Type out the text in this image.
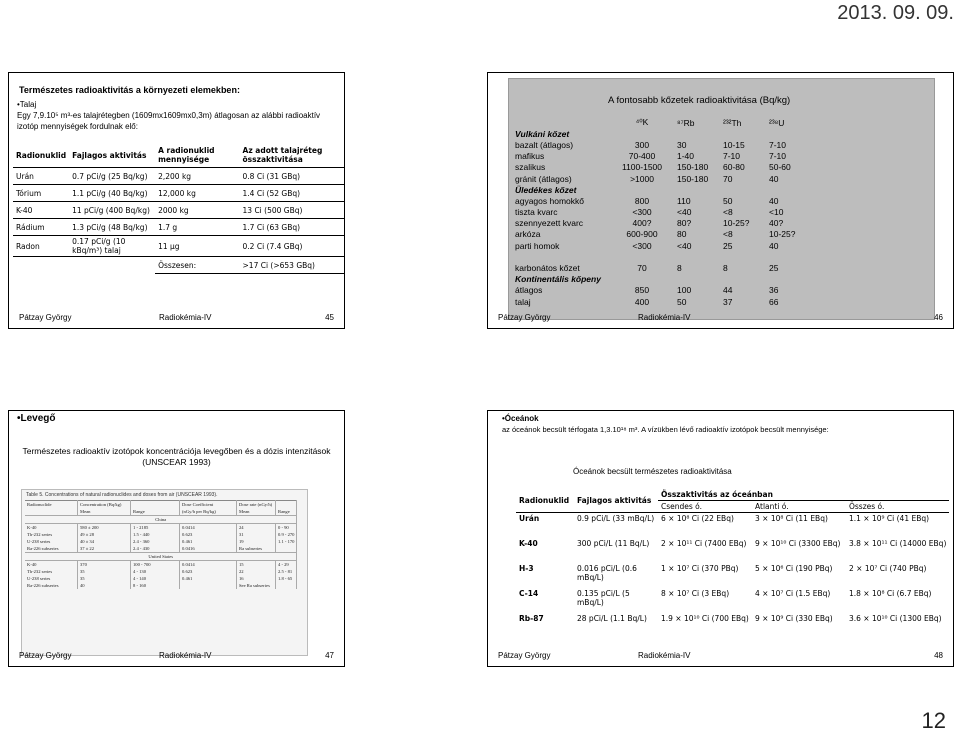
2013. 09. 09.
Természetes radioaktivitás a környezeti elemekben:
•Talaj
Egy 7,9.10⁵ m³-es talajrétegben (1609mx1609mx0,3m) átlagosan az alábbi radioaktív izotóp mennyiségek fordulnak elő:
Radionuklid	Fajlagos aktivitás	A radionuklid mennyisége	Az adott talajréteg összaktivitása
Urán	0.7 pCi/g (25 Bq/kg)	2,200 kg	0.8 Ci (31 GBq)
Tórium	1.1 pCi/g (40 Bq/kg)	12,000 kg	1.4 Ci (52 GBq)
K-40	11 pCi/g (400 Bq/kg)	2000 kg	13 Ci (500 GBq)
Rádium	1.3 pCi/g (48 Bq/kg)	1.7 g	1.7 Ci (63 GBq)
Radon	0.17 pCi/g (10 kBq/m³) talaj	11 μg	0.2 Ci (7.4 GBq)
		Összesen:	>17 Ci (>653 GBq)
Pátzay György	Radiokémia-IV	45
A fontosabb kőzetek radioaktivitása (Bq/kg)
	⁴⁰K	⁸⁷Rb	²³²Th	²³⁸U
Vulkáni kőzet				
bazalt (átlagos)	300	30	10-15	7-10
mafikus	70-400	1-40	7-10	7-10
szalikus	1100-1500	150-180	60-80	50-60
gránit (átlagos)	>1000	150-180	70	40
Üledékes kőzet				
agyagos homokkő	800	110	50	40
tiszta kvarc	<300	<40	<8	<10
szennyezett kvarc	400?	80?	10-25?	40?
arkóza	600-900	80	<8	10-25?
parti homok	<300	<40	25	40

karbonátos kőzet	70	8	8	25
Kontinentális kőpeny				
átlagos	850	100	44	36
talaj	400	50	37	66
Pátzay György	Radiokémia-IV	46
•Levegő
Természetes radioaktív izotópok koncentrációja levegőben és a dózis intenzitások (UNSCEAR 1993)
Table 5. Concentrations of natural radionuclides and doses from air (UNSCEAR 1993).
Radionuclide	Concentration (Bq/kg)		Dose Coefficient	Dose rate (nGy/h)	
	Mean	Range	(nGy/h per Bq/kg)	Mean	Range
China					
K-40	580 ± 200	1 - 2185	0.0414	24	0 - 90
Th-232 series	49 ± 28	1.5 - 440	0.623	31	0.9 - 270
U-238 series	40 ± 34	2.4 - 360	0.461	19	1.1 - 170
Ra-226 subseries	37 ± 22	2.4 - 430	0.0416	Ra subseries	
United States					
K-40	370	100 - 700	0.0414	15	4 - 29
Th-232 series	35	4 - 130	0.623	22	2.5 - 81
U-238 series	35	4 - 140	0.461	16	1.8 - 65
Ra-226 subseries	40	8 - 160		See Ra subseries	
Pátzay György	Radiokémia-IV	47
•Óceánok
az óceánok becsült térfogata 1,3.10¹⁸ m³. A vízükben lévő radioaktív izotópok becsült mennyisége:
Óceánok becsült természetes radioaktivitása
Radionuklid	Fajlagos aktivitás	Összaktivitás az óceánban		
		Csendes ó.	Atlanti ó.	Összes ó.
Urán	0.9 pCi/L (33 mBq/L)	6 × 10⁸ Ci (22 EBq)	3 × 10⁸ Ci (11 EBq)	1.1 × 10⁹ Ci (41 EBq)
K-40	300 pCi/L (11 Bq/L)	2 × 10¹¹ Ci (7400 EBq)	9 × 10¹⁰ Ci (3300 EBq)	3.8 × 10¹¹ Ci (14000 EBq)
H-3	0.016 pCi/L (0.6 mBq/L)	1 × 10⁷ Ci (370 PBq)	5 × 10⁶ Ci (190 PBq)	2 × 10⁷ Ci (740 PBq)
C-14	0.135 pCi/L (5 mBq/L)	8 × 10⁷ Ci (3 EBq)	4 × 10⁷ Ci (1.5 EBq)	1.8 × 10⁸ Ci (6.7 EBq)
Rb-87	28 pCi/L (1.1 Bq/L)	1.9 × 10¹⁰ Ci (700 EBq)	9 × 10⁹ Ci (330 EBq)	3.6 × 10¹⁰ Ci (1300 EBq)
Pátzay György	Radiokémia-IV	48
12
